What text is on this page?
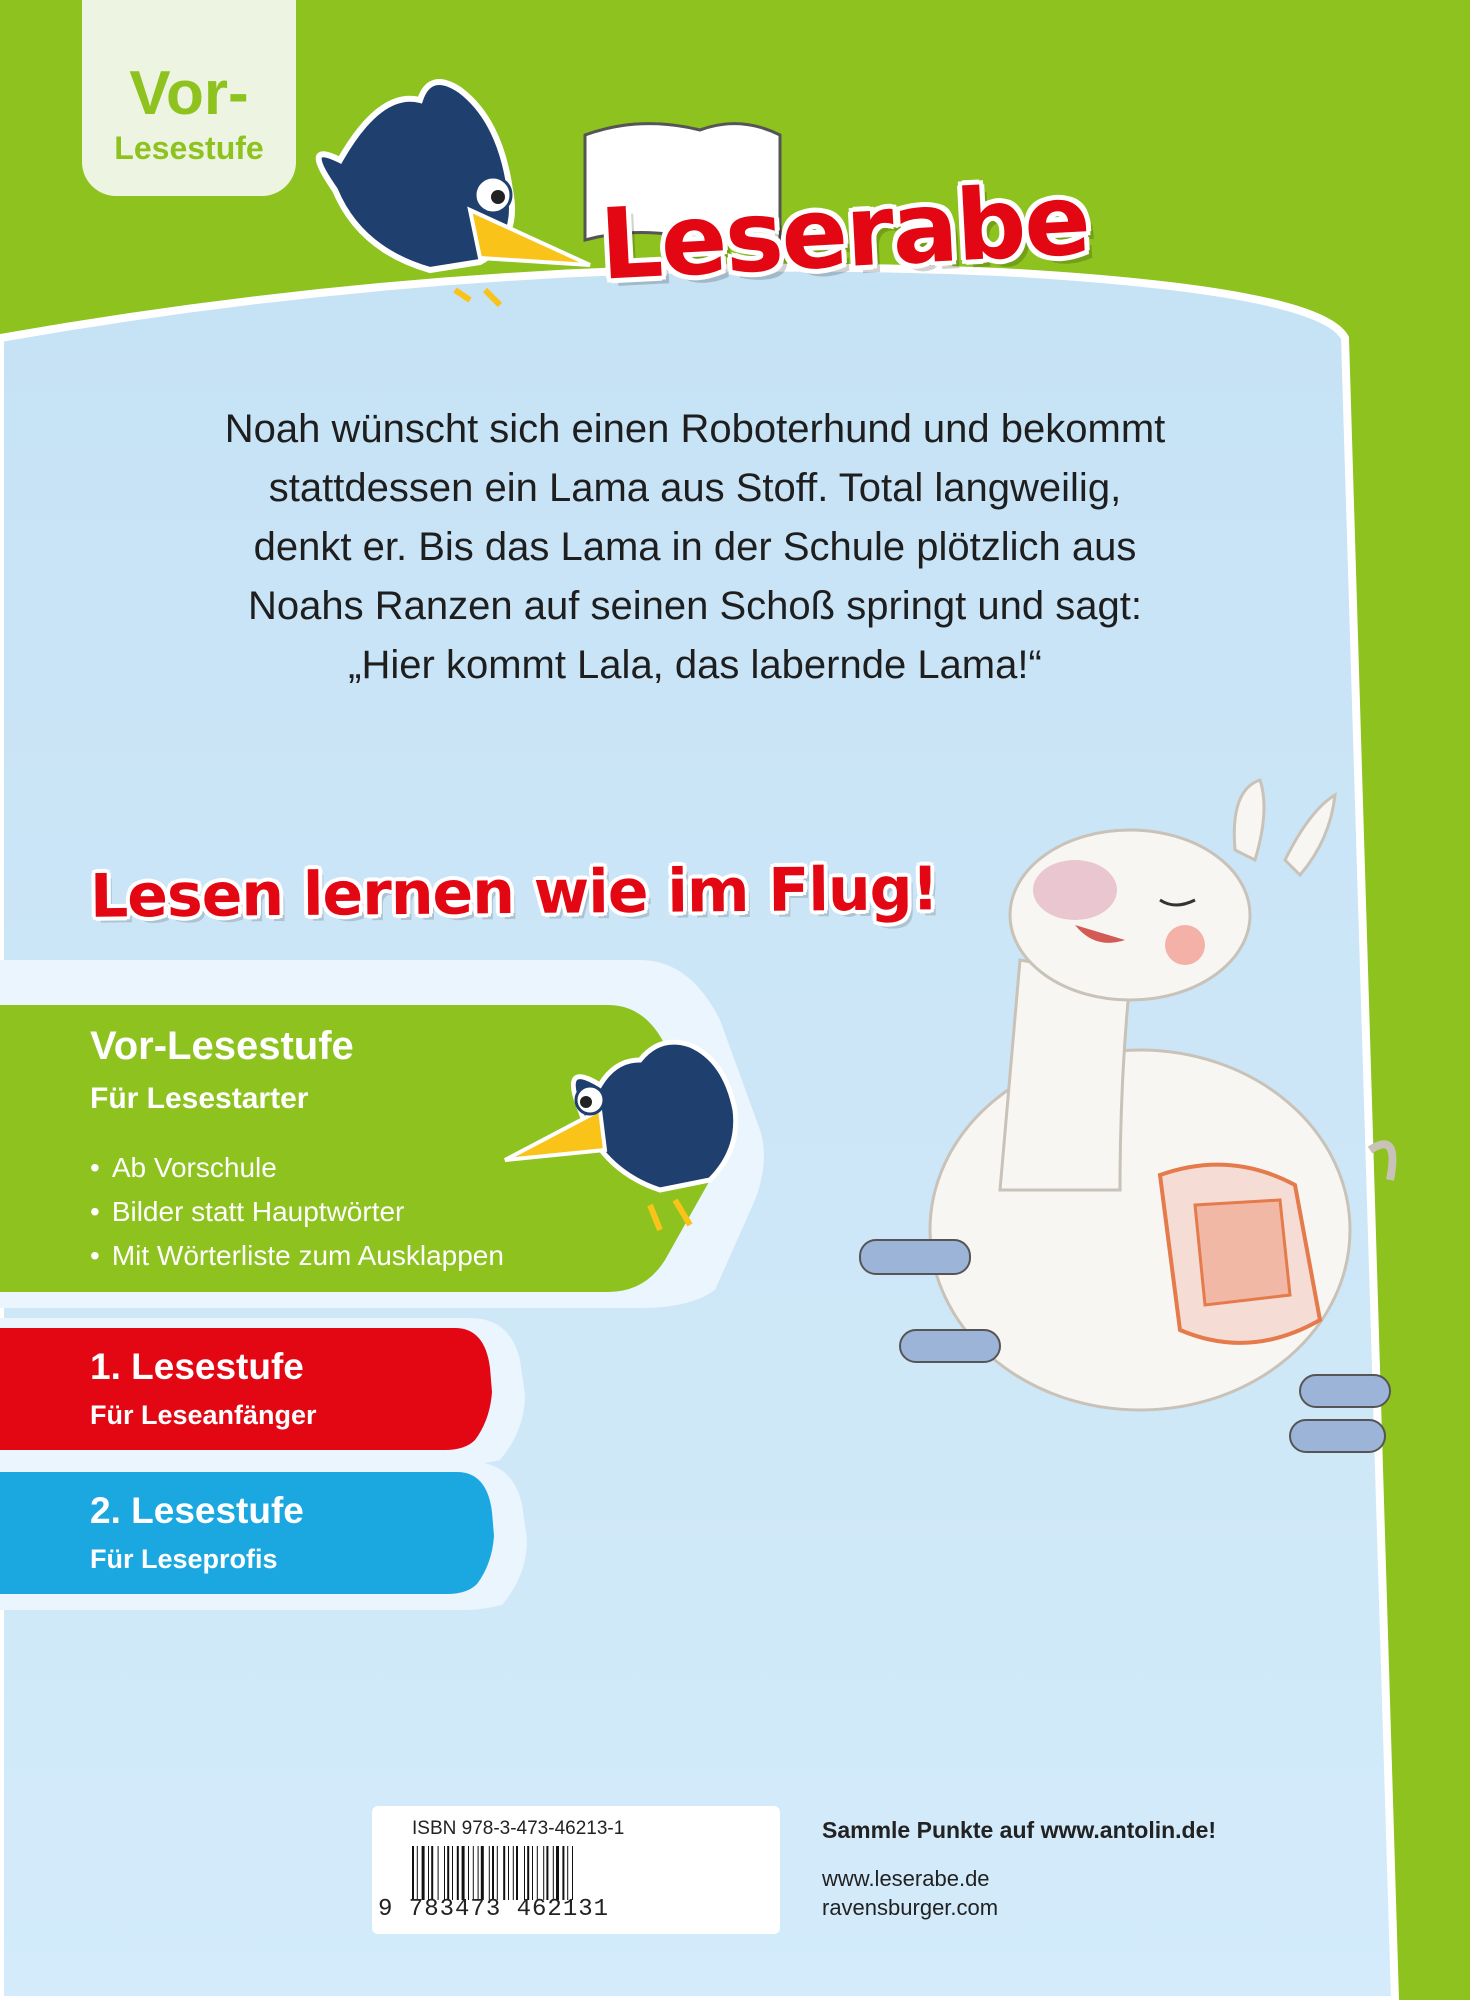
Vor-
Lesestufe
Leserabe
Noah wünscht sich einen Roboterhund und bekommt
stattdessen ein Lama aus Stoff. Total langweilig,
denkt er. Bis das Lama in der Schule plötzlich aus
Noahs Ranzen auf seinen Schoß springt und sagt:
„Hier kommt Lala, das labernde Lama!“
Lesen lernen wie im Flug!
Vor-Lesestufe
Für Lesestarter
• Ab Vorschule
• Bilder statt Hauptwörter
• Mit Wörterliste zum Ausklappen
1. Lesestufe
Für Leseanfänger
2. Lesestufe
Für Leseprofis
ISBN 978-3-473-46213-1
9 783473 462131
Sammle Punkte auf www.antolin.de!
www.leserabe.de
ravensburger.com
